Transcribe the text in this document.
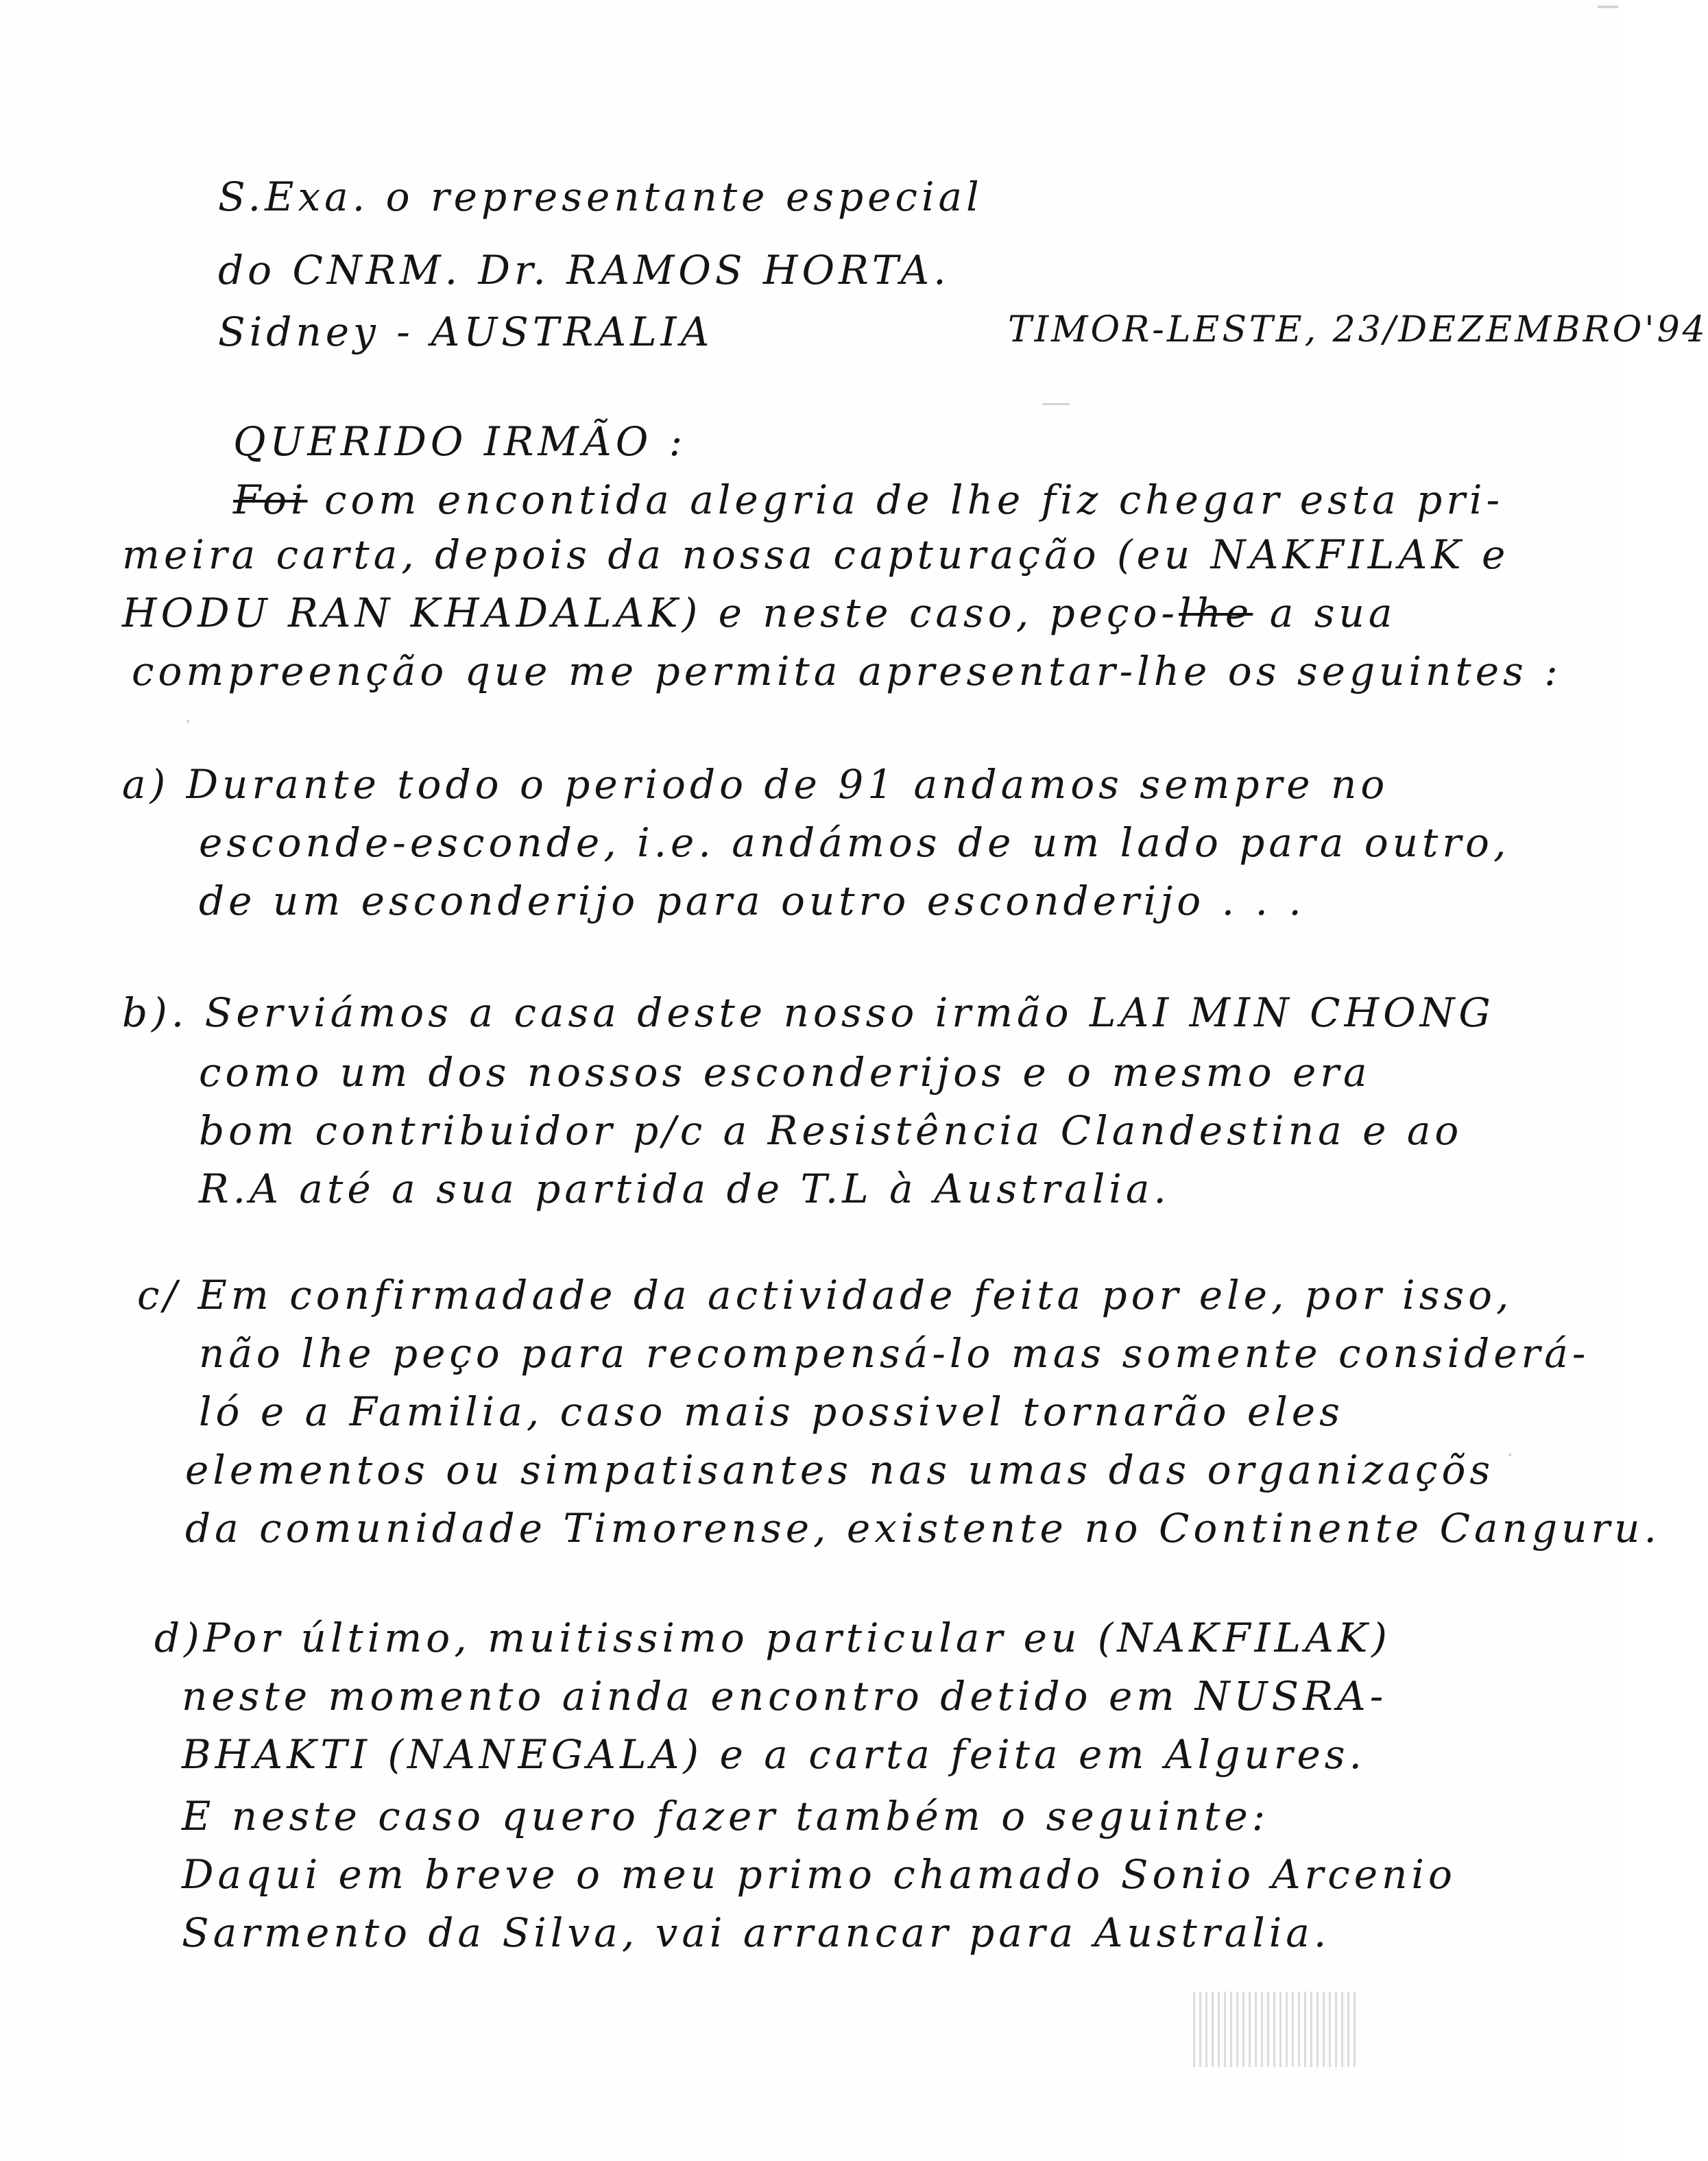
S.Exa. o representante especial
do CNRM. Dr. RAMOS HORTA.
Sidney - AUSTRALIA	TIMOR-LESTE, 23/DEZEMBRO'94
QUERIDO IRMÃO :
Foi com encontida alegria de lhe fiz chegar esta pri-
meira carta, depois da nossa capturação (eu NAKFILAK e
HODU RAN KHADALAK) e neste caso, peço-lhe a sua
compreenção que me permita apresentar-lhe os seguintes :
a) Durante todo o periodo de 91 andamos sempre no
esconde-esconde, i.e. andámos de um lado para outro,
de um esconderijo para outro esconderijo . . .
b). Serviámos a casa deste nosso irmão LAI MIN CHONG
como um dos nossos esconderijos e o mesmo era
bom contribuidor p/c a Resistência Clandestina e ao
R.A até a sua partida de T.L à Australia.
c/ Em confirmadade da actividade feita por ele, por isso,
não lhe peço para recompensá-lo mas somente considerá-
ló e a Familia, caso mais possivel tornarão eles
elementos ou simpatisantes nas umas das organizaçõs
da comunidade Timorense, existente no Continente Canguru.
d)Por último, muitissimo particular eu (NAKFILAK)
neste momento ainda encontro detido em NUSRA-
BHAKTI (NANEGALA) e a carta feita em Algures.
E neste caso quero fazer também o seguinte:
Daqui em breve o meu primo chamado Sonio Arcenio
Sarmento da Silva, vai arrancar para Australia.
